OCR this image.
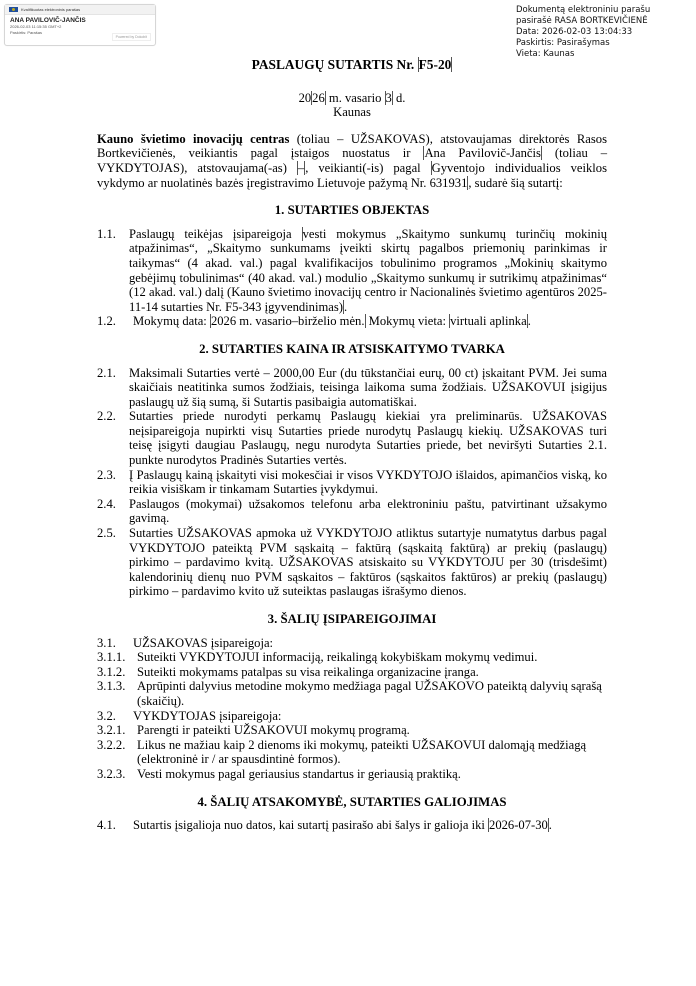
Kvalifikuotas elektroninis parašas
ANA PAVILOVIČ-JANČIS
2026-02-03 11:15:35 GMT+2
Paskirtis: Parašas
Powered by Dokobit
Dokumentą elektroniniu parašu
pasirašė RASA BORTKEVIČIENĖ
Data: 2026-02-03 13:04:33
Paskirtis: Pasirašymas
Vieta: Kaunas

PASLAUGŲ SUTARTIS Nr. F5-20

2026 m. vasario 3 d.

Kaunas

Kauno švietimo inovacijų centras (toliau – UŽSAKOVAS), atstovaujamas direktorės Rasos Bortkevičienės, veikiantis pagal įstaigos nuostatus ir Ana Pavilovič-Jančis (toliau – VYKDYTOJAS), atstovaujama(-as) –, veikianti(-is) pagal Gyventojo individualios veiklos vykdymo ar nuolatinės bazės įregistravimo Lietuvoje pažymą Nr. 631931, sudarė šią sutartį:

1. SUTARTIES OBJEKTAS

1.1.	Paslaugų teikėjas įsipareigoja vesti mokymus „Skaitymo sunkumų turinčių mokinių atpažinimas“, „Skaitymo sunkumams įveikti skirtų pagalbos priemonių parinkimas ir taikymas“ (4 akad. val.) pagal kvalifikacijos tobulinimo programos „Mokinių skaitymo gebėjimų tobulinimas“ (40 akad. val.) modulio „Skaitymo sunkumų ir sutrikimų atpažinimas“ (12 akad. val.) dalį (Kauno švietimo inovacijų centro ir Nacionalinės švietimo agentūros 2025-11-14 sutarties Nr. F5-343 įgyvendinimas).
1.2.	Mokymų data: 2026 m. vasario–birželio mėn. Mokymų vieta: virtuali aplinka.

2. SUTARTIES KAINA IR ATSISKAITYMO TVARKA

2.1.	Maksimali Sutarties vertė – 2000,00 Eur (du tūkstančiai eurų, 00 ct) įskaitant PVM. Jei suma skaičiais neatitinka sumos žodžiais, teisinga laikoma suma žodžiais. UŽSAKOVUI įsigijus paslaugų už šią sumą, ši Sutartis pasibaigia automatiškai.
2.2.	Sutarties priede nurodyti perkamų Paslaugų kiekiai yra preliminarūs. UŽSAKOVAS neįsipareigoja nupirkti visų Sutarties priede nurodytų Paslaugų kiekių. UŽSAKOVAS turi teisę įsigyti daugiau Paslaugų, negu nurodyta Sutarties priede, bet neviršyti Sutarties 2.1. punkte nurodytos Pradinės Sutarties vertės.
2.3.	Į Paslaugų kainą įskaityti visi mokesčiai ir visos VYKDYTOJO išlaidos, apimančios viską, ko reikia visiškam ir tinkamam Sutarties įvykdymui.
2.4.	Paslaugos (mokymai) užsakomos telefonu arba elektroniniu paštu, patvirtinant užsakymo gavimą.
2.5.	Sutarties UŽSAKOVAS apmoka už VYKDYTOJO atliktus sutartyje numatytus darbus pagal VYKDYTOJO pateiktą PVM sąskaitą – faktūrą (sąskaitą faktūrą) ar prekių (paslaugų) pirkimo – pardavimo kvitą. UŽSAKOVAS atsiskaito su VYKDYTOJU per 30 (trisdešimt) kalendorinių dienų nuo PVM sąskaitos – faktūros (sąskaitos faktūros) ar prekių (paslaugų) pirkimo – pardavimo kvito už suteiktas paslaugas išrašymo dienos.

3. ŠALIŲ ĮSIPAREIGOJIMAI

3.1.	UŽSAKOVAS įsipareigoja:
3.1.1. Suteikti VYKDYTOJUI informaciją, reikalingą kokybiškam mokymų vedimui.
3.1.2. Suteikti mokymams patalpas su visa reikalinga organizacine įranga.
3.1.3. Aprūpinti dalyvius metodine mokymo medžiaga pagal UŽSAKOVO pateiktą dalyvių sąrašą (skaičių).
3.2.	VYKDYTOJAS įsipareigoja:
3.2.1. Parengti ir pateikti UŽSAKOVUI mokymų programą.
3.2.2. Likus ne mažiau kaip 2 dienoms iki mokymų, pateikti UŽSAKOVUI dalomąją medžiagą (elektroninė ir / ar spausdintinė formos).
3.2.3. Vesti mokymus pagal geriausius standartus ir geriausią praktiką.

4. ŠALIŲ ATSAKOMYBĖ, SUTARTIES GALIOJIMAS

4.1.	Sutartis įsigalioja nuo datos, kai sutartį pasirašo abi šalys ir galioja iki 2026-07-30.
